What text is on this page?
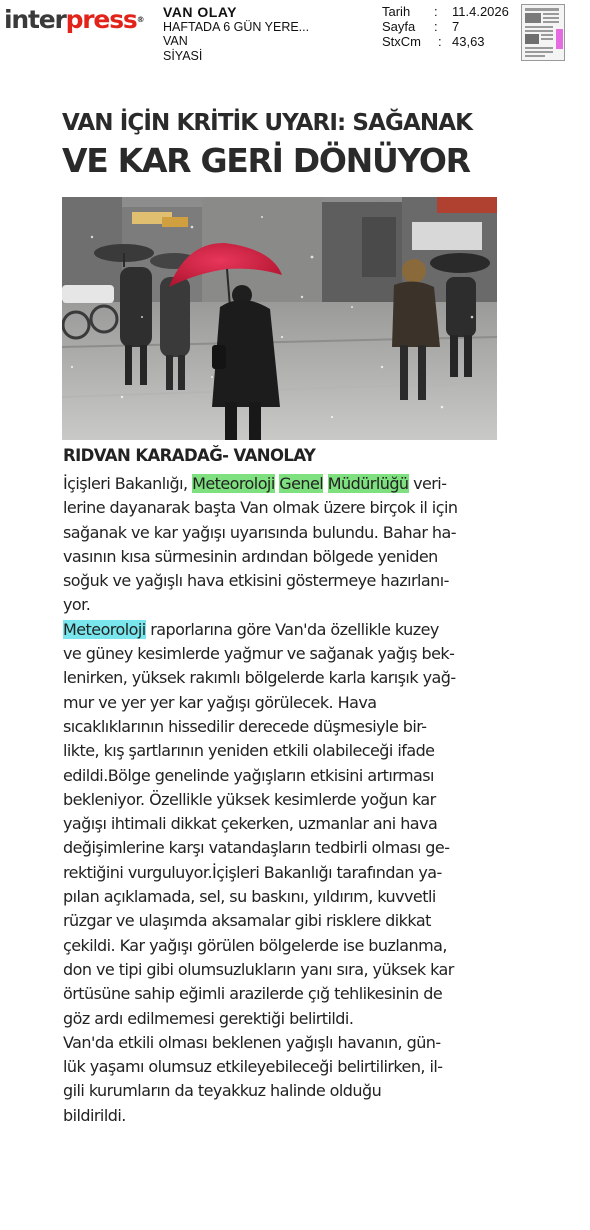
interpress® VAN OLAY
HAFTADA 6 GÜN YERE...
VAN
SİYASİ
Tarih	:	11.4.2026
Sayfa	:	7
StxCm	: 43,63
VAN İÇİN KRİTİK UYARI: SAĞANAK
VE KAR GERİ DÖNÜYOR
RIDVAN KARADAĞ- VANOLAY
İçişleri Bakanlığı, Meteoroloji Genel Müdürlüğü veri-
lerine dayanarak başta Van olmak üzere birçok il için
sağanak ve kar yağışı uyarısında bulundu. Bahar ha-
vasının kısa sürmesinin ardından bölgede yeniden
soğuk ve yağışlı hava etkisini göstermeye hazırlanı-
yor.
Meteoroloji raporlarına göre Van'da özellikle kuzey
ve güney kesimlerde yağmur ve sağanak yağış bek-
lenirken, yüksek rakımlı bölgelerde karla karışık yağ-
mur ve yer yer kar yağışı görülecek. Hava
sıcaklıklarının hissedilir derecede düşmesiyle bir-
likte, kış şartlarının yeniden etkili olabileceği ifade
edildi.Bölge genelinde yağışların etkisini artırması
bekleniyor. Özellikle yüksek kesimlerde yoğun kar
yağışı ihtimali dikkat çekerken, uzmanlar ani hava
değişimlerine karşı vatandaşların tedbirli olması ge-
rektiğini vurguluyor.İçişleri Bakanlığı tarafından ya-
pılan açıklamada, sel, su baskını, yıldırım, kuvvetli
rüzgar ve ulaşımda aksamalar gibi risklere dikkat
çekildi. Kar yağışı görülen bölgelerde ise buzlanma,
don ve tipi gibi olumsuzlukların yanı sıra, yüksek kar
örtüsüne sahip eğimli arazilerde çığ tehlikesinin de
göz ardı edilmemesi gerektiği belirtildi.
Van'da etkili olması beklenen yağışlı havanın, gün-
lük yaşamı olumsuz etkileyebileceği belirtilirken, il-
gili kurumların da teyakkuz halinde olduğu
bildirildi.
